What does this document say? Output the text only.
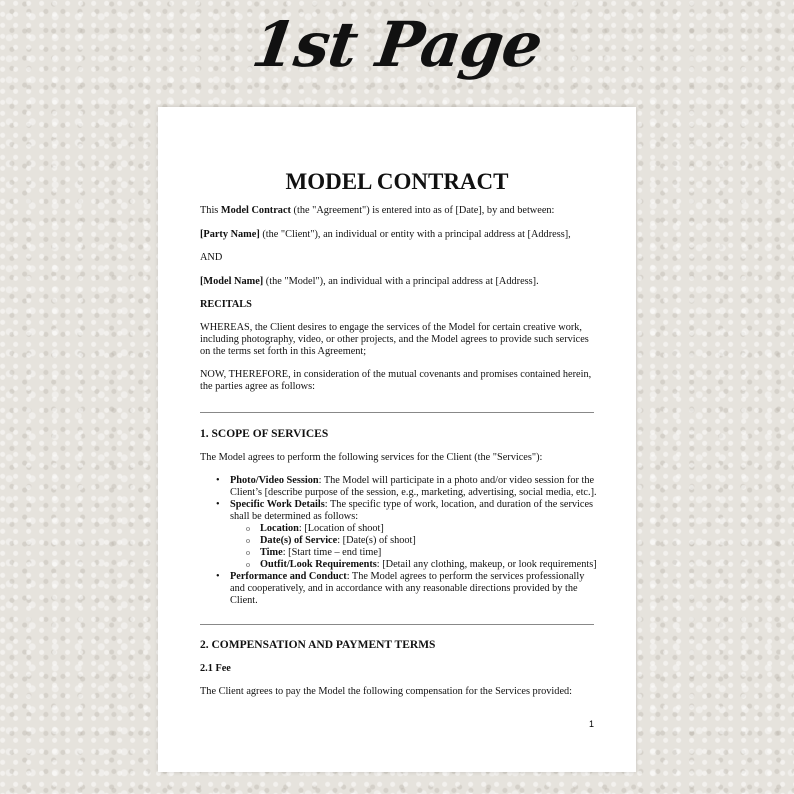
1st Page
MODEL CONTRACT
This Model Contract (the "Agreement") is entered into as of [Date], by and between:
[Party Name] (the "Client"), an individual or entity with a principal address at [Address],
AND
[Model Name] (the "Model"), an individual with a principal address at [Address].
RECITALS
WHEREAS, the Client desires to engage the services of the Model for certain creative work,
including photography, video, or other projects, and the Model agrees to provide such services
on the terms set forth in this Agreement;
NOW, THEREFORE, in consideration of the mutual covenants and promises contained herein,
the parties agree as follows:
1. SCOPE OF SERVICES
The Model agrees to perform the following services for the Client (the "Services"):
• Photo/Video Session: The Model will participate in a photo and/or video session for the
Client’s [describe purpose of the session, e.g., marketing, advertising, social media, etc.].
• Specific Work Details: The specific type of work, location, and duration of the services
shall be determined as follows:
o Location: [Location of shoot]
o Date(s) of Service: [Date(s) of shoot]
o Time: [Start time – end time]
o Outfit/Look Requirements: [Detail any clothing, makeup, or look requirements]
• Performance and Conduct: The Model agrees to perform the services professionally
and cooperatively, and in accordance with any reasonable directions provided by the
Client.
2. COMPENSATION AND PAYMENT TERMS
2.1 Fee
The Client agrees to pay the Model the following compensation for the Services provided:
1
